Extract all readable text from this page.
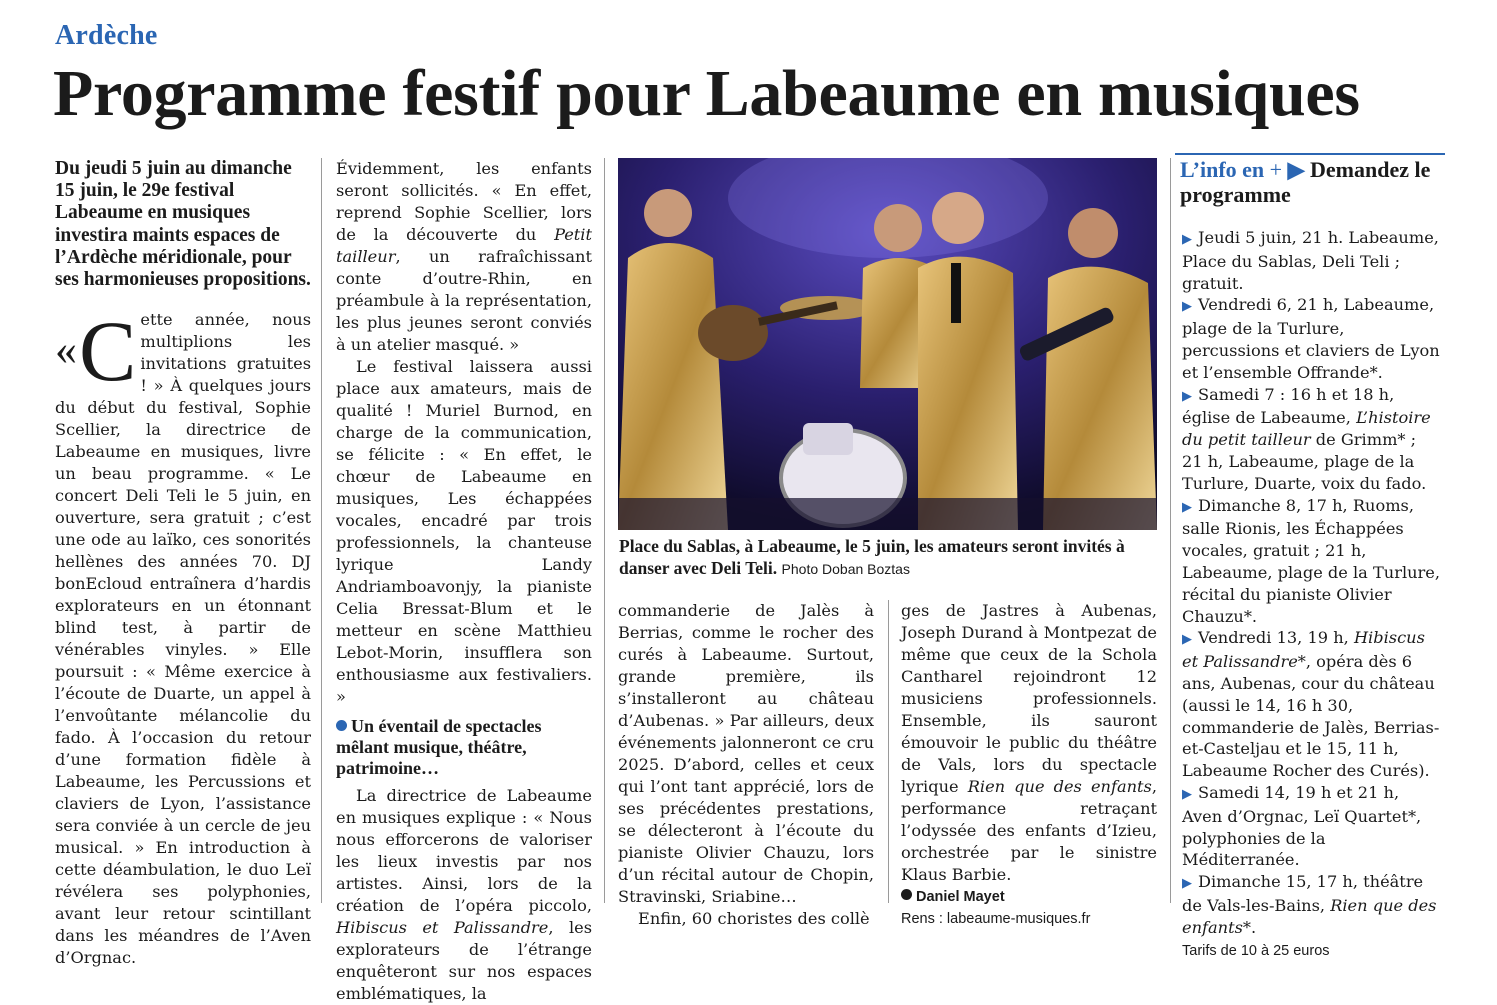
Ardèche
Programme festif pour Labeaume en musiques

Du jeudi 5 juin au dimanche 15 juin, le 29e festival Labeaume en musiques investira maints espaces de l’Ardèche méridionale, pour ses harmonieuses propositions.

« C ette année, nous multiplions les invitations gratuites ! » À quelques jours du début du festival, Sophie Scellier, la directrice de Labeaume en musiques, livre un beau programme. « Le concert Deli Teli le 5 juin, en ouverture, sera gratuit ; c’est une ode au laïko, ces sonorités hellènes des années 70. DJ bonEcloud entraînera d’hardis explorateurs en un étonnant blind test, à partir de vénérables vinyles. » Elle poursuit : « Même exercice à l’écoute de Duarte, un appel à l’envoûtante mélancolie du fado. À l’occasion du retour d’une formation fidèle à Labeaume, les Percussions et claviers de Lyon, l’assistance sera conviée à un cercle de jeu musical. » En introduction à cette déambulation, le duo Leï révélera ses polyphonies, avant leur retour scintillant dans les méandres de l’Aven d’Orgnac.

Évidemment, les enfants seront sollicités. « En effet, reprend Sophie Scellier, lors de la découverte du Petit tailleur, un rafraîchissant conte d’outre-Rhin, en préambule à la représentation, les plus jeunes seront conviés à un atelier masqué. »

Le festival laissera aussi place aux amateurs, mais de qualité ! Muriel Burnod, en charge de la communication, se félicite : « En effet, le chœur de Labeaume en musiques, Les échappées vocales, encadré par trois professionnels, la chanteuse lyrique Landy Andriamboavonjy, la pianiste Celia Bressat-Blum et le metteur en scène Matthieu Lebot-Morin, insufflera son enthousiasme aux festivaliers. »

Un éventail de spectacles mêlant musique, théâtre, patrimoine…

La directrice de Labeaume en musiques explique : « Nous nous efforcerons de valoriser les lieux investis par nos artistes. Ainsi, lors de la création de l’opéra piccolo, Hibiscus et Palissandre, les explorateurs de l’étrange enquêteront sur nos espaces emblématiques, la

Place du Sablas, à Labeaume, le 5 juin, les amateurs seront invités à danser avec Deli Teli. Photo Doban Boztas

commanderie de Jalès à Berrias, comme le rocher des curés à Labeaume. Surtout, grande première, ils s’installeront au château d’Aubenas. » Par ailleurs, deux événements jalonneront ce cru 2025. D’abord, celles et ceux qui l’ont tant apprécié, lors de ses précédentes prestations, se délecteront à l’écoute du pianiste Olivier Chauzu, lors d’un récital autour de Chopin, Stravinski, Sriabine…

Enfin, 60 choristes des collè

ges de Jastres à Aubenas, Joseph Durand à Montpezat de même que ceux de la Schola Cantharel rejoindront 12 musiciens professionnels. Ensemble, ils sauront émouvoir le public du théâtre de Vals, lors du spectacle lyrique Rien que des enfants, performance retraçant l’odyssée des enfants d’Izieu, orchestrée par le sinistre Klaus Barbie.

Daniel Mayet

Rens : labeaume-musiques.fr

L’info en + ▶ Demandez le programme

▶ Jeudi 5 juin, 21 h. Labeaume, Place du Sablas, Deli Teli ; gratuit.

▶ Vendredi 6, 21 h, Labeaume, plage de la Turlure, percussions et claviers de Lyon et l’ensemble Offrande*.

▶ Samedi 7 : 16 h et 18 h, église de Labeaume, L’histoire du petit tailleur de Grimm* ; 21 h, Labeaume, plage de la Turlure, Duarte, voix du fado.

▶ Dimanche 8, 17 h, Ruoms, salle Rionis, les Échappées vocales, gratuit ; 21 h, Labeaume, plage de la Turlure, récital du pianiste Olivier Chauzu*.

▶ Vendredi 13, 19 h, Hibiscus et Palissandre*, opéra dès 6 ans, Aubenas, cour du château (aussi le 14, 16 h 30, commanderie de Jalès, Berrias-et-Casteljau et le 15, 11 h, Labeaume Rocher des Curés).

▶ Samedi 14, 19 h et 21 h, Aven d’Orgnac, Leï Quartet*, polyphonies de la Méditerranée.

▶ Dimanche 15, 17 h, théâtre de Vals-les-Bains, Rien que des enfants*.

Tarifs de 10 à 25 euros
